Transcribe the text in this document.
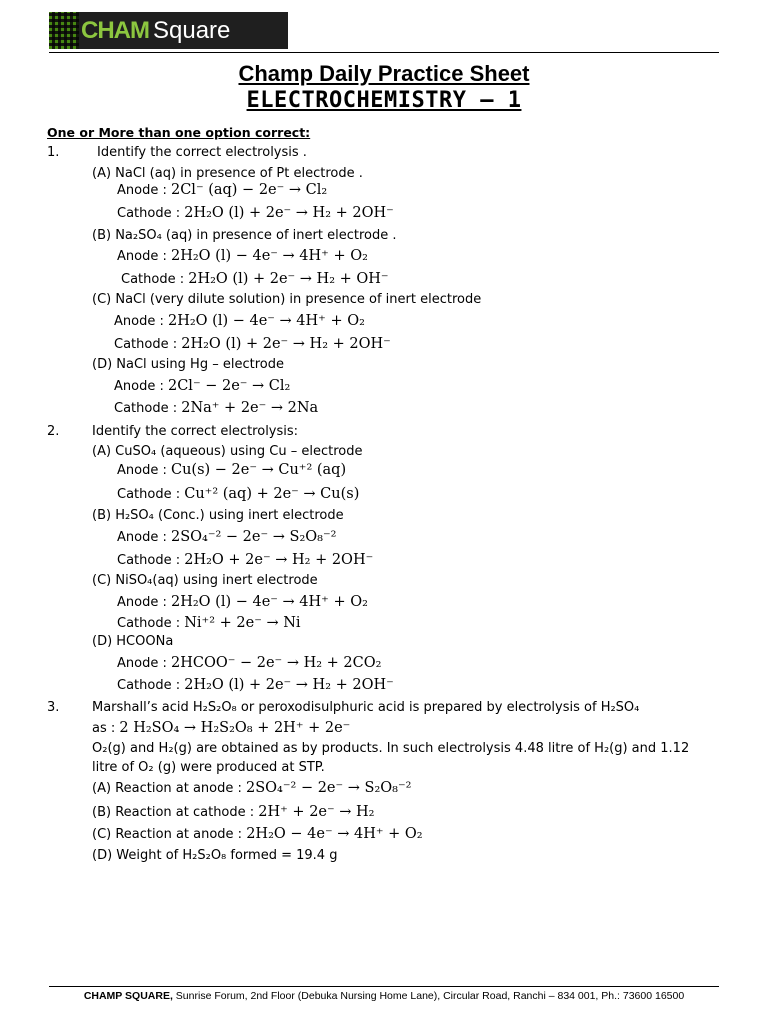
CHAM Square
Champ Daily Practice Sheet
ELECTROCHEMISTRY – 1
One or More than one option correct:
1.	Identify the correct electrolysis .
(A) NaCl (aq) in presence of Pt electrode .
Anode : 2Cl⁻ (aq) − 2e⁻ → Cl₂
Cathode : 2H₂O (l) + 2e⁻ → H₂ + 2OH⁻
(B) Na₂SO₄ (aq) in presence of inert electrode .
Anode : 2H₂O (l) − 4e⁻ → 4H⁺ + O₂
Cathode : 2H₂O (l) + 2e⁻ → H₂ + OH⁻
(C) NaCl (very dilute solution) in presence of inert electrode
Anode : 2H₂O (l) − 4e⁻ → 4H⁺ + O₂
Cathode : 2H₂O (l) + 2e⁻ → H₂ + 2OH⁻
(D) NaCl using Hg – electrode
Anode : 2Cl⁻ − 2e⁻ → Cl₂
Cathode : 2Na⁺ + 2e⁻ → 2Na
2.	Identify the correct electrolysis:
(A) CuSO₄ (aqueous) using Cu – electrode
Anode : Cu(s) − 2e⁻ → Cu⁺² (aq)
Cathode : Cu⁺² (aq) + 2e⁻ → Cu(s)
(B) H₂SO₄ (Conc.) using inert electrode
Anode : 2SO₄⁻² − 2e⁻ → S₂O₈⁻²
Cathode : 2H₂O + 2e⁻ → H₂ + 2OH⁻
(C) NiSO₄(aq) using inert electrode
Anode : 2H₂O (l) − 4e⁻ → 4H⁺ + O₂
Cathode : Ni⁺² + 2e⁻ → Ni
(D) HCOONa
Anode : 2HCOO⁻ − 2e⁻ → H₂ + 2CO₂
Cathode : 2H₂O (l) + 2e⁻ → H₂ + 2OH⁻
3.	Marshall’s acid H₂S₂O₈ or peroxodisulphuric acid is prepared by electrolysis of H₂SO₄
as : 2 H₂SO₄ → H₂S₂O₈ + 2H⁺ + 2e⁻
O₂(g) and H₂(g) are obtained as by products. In such electrolysis 4.48 litre of H₂(g) and 1.12
litre of O₂ (g) were produced at STP.
(A) Reaction at anode : 2SO₄⁻² − 2e⁻ → S₂O₈⁻²
(B) Reaction at cathode : 2H⁺ + 2e⁻ → H₂
(C) Reaction at anode : 2H₂O − 4e⁻ → 4H⁺ + O₂
(D) Weight of H₂S₂O₈ formed = 19.4 g
CHAMP SQUARE, Sunrise Forum, 2nd Floor (Debuka Nursing Home Lane), Circular Road, Ranchi – 834 001, Ph.: 73600 16500
